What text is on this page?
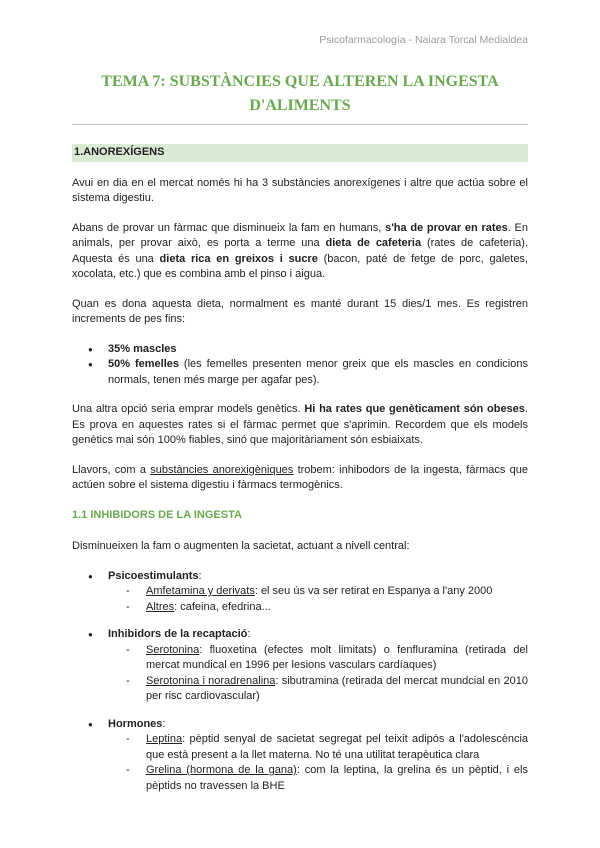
Psicofarmacología - Naiara Torcal Medialdea
TEMA 7: SUBSTÀNCIES QUE ALTEREN LA INGESTA
D'ALIMENTS
1.ANOREXÍGENS

Avui en dia en el mercat només hi ha 3 substàncies anorexígenes i altre que actúa sobre el sistema digestiu.

Abans de provar un fàrmac que disminueix la fam en humans, s'ha de provar en rates. En animals, per provar això, es porta a terme una dieta de cafeteria (rates de cafeteria). Aquesta és una dieta rica en greixos i sucre (bacon, paté de fetge de porc, galetes, xocolata, etc.) que es combina amb el pinso i aigua.

Quan es dona aquesta dieta, normalment es manté durant 15 dies/1 mes. Es registren increments de pes fins:

● 35% mascles
● 50% femelles (les femelles presenten menor greix que els mascles en condicions normals, tenen més marge per agafar pes).

Una altra opció seria emprar models genètics. Hi ha rates que genèticament són obeses. Es prova en aquestes rates si el fàrmac permet que s'aprimin. Recordem que els models genètics mai són 100% fiables, sinó que majoritàriament són esbiaixats.

Llavors, com a substàncies anorexigèniques trobem: inhibodors de la ingesta, fàrmacs que actúen sobre el sistema digestiu i fàrmacs termogènics.

1.1 INHIBIDORS DE LA INGESTA

Disminueixen la fam o augmenten la sacietat, actuant a nivell central:

● Psicoestimulants:
- Amfetamina y derivats: el seu ús va ser retirat en Espanya a l'any 2000
- Altres: cafeina, efedrina...
● Inhibidors de la recaptació:
- Serotonina: fluoxetina (efectes molt limitats) o fenfluramina (retirada del mercat mundical en 1996 per lesions vasculars cardíaques)
- Serotonina i noradrenalina: sibutramina (retirada del mercat mundcial en 2010 per risc cardiovascular)
● Hormones:
- Leptina: pèptid senyal de sacietat segregat pel teixit adipós a l'adolescència que està present a la llet materna. No té una utilitat terapèutica clara
- Grelina (hormona de la gana): com la leptina, la grelina és un pèptid, i els pèptids no travessen la BHE
